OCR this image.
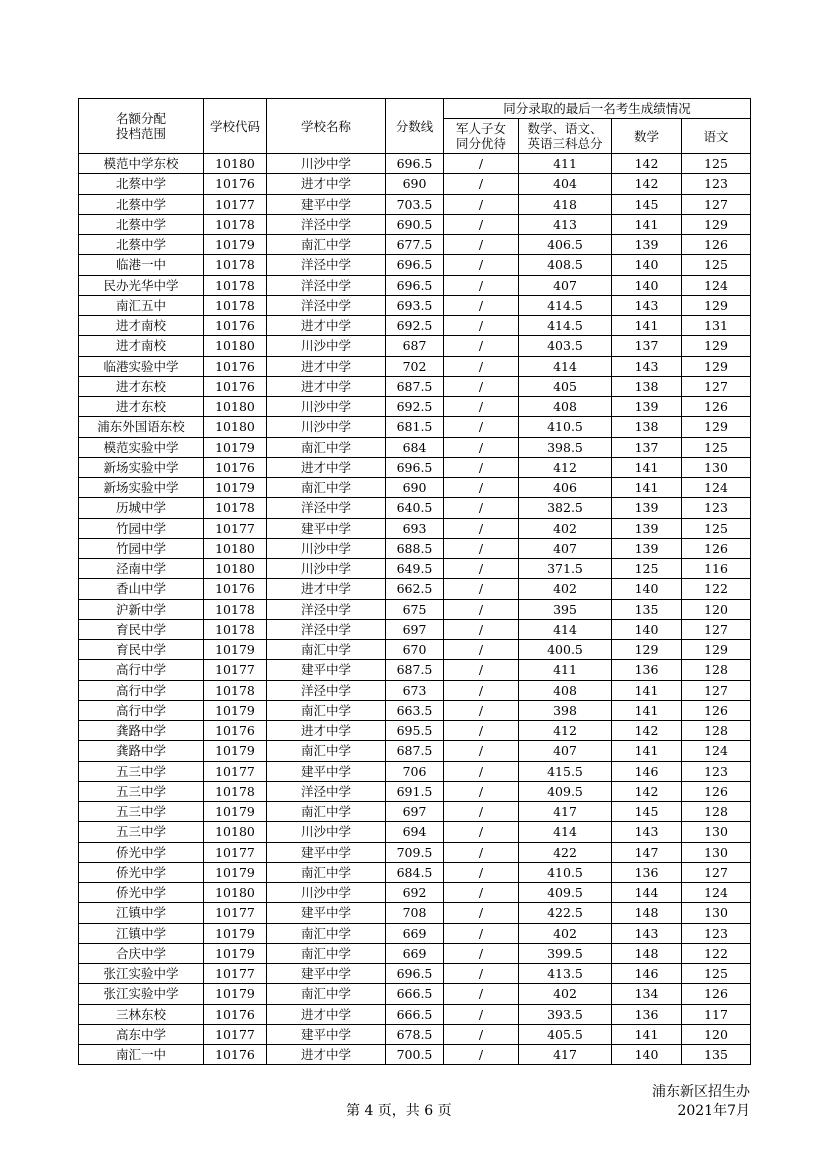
名额分配投档范围	学校代码	学校名称	分数线	同分录取的最后一名考生成绩情况			

				军人子女同分优待	数学、语文、英语三科总分	数学	语文
模范中学东校	10180	川沙中学	696.5	/	411	142	125
北蔡中学	10176	进才中学	690	/	404	142	123
北蔡中学	10177	建平中学	703.5	/	418	145	127
北蔡中学	10178	洋泾中学	690.5	/	413	141	129
北蔡中学	10179	南汇中学	677.5	/	406.5	139	126
临港一中	10178	洋泾中学	696.5	/	408.5	140	125
民办光华中学	10178	洋泾中学	696.5	/	407	140	124
南汇五中	10178	洋泾中学	693.5	/	414.5	143	129
进才南校	10176	进才中学	692.5	/	414.5	141	131
进才南校	10180	川沙中学	687	/	403.5	137	129
临港实验中学	10176	进才中学	702	/	414	143	129
进才东校	10176	进才中学	687.5	/	405	138	127
进才东校	10180	川沙中学	692.5	/	408	139	126
浦东外国语东校	10180	川沙中学	681.5	/	410.5	138	129
模范实验中学	10179	南汇中学	684	/	398.5	137	125
新场实验中学	10176	进才中学	696.5	/	412	141	130
新场实验中学	10179	南汇中学	690	/	406	141	124
历城中学	10178	洋泾中学	640.5	/	382.5	139	123
竹园中学	10177	建平中学	693	/	402	139	125
竹园中学	10180	川沙中学	688.5	/	407	139	126
泾南中学	10180	川沙中学	649.5	/	371.5	125	116
香山中学	10176	进才中学	662.5	/	402	140	122
沪新中学	10178	洋泾中学	675	/	395	135	120
育民中学	10178	洋泾中学	697	/	414	140	127
育民中学	10179	南汇中学	670	/	400.5	129	129
高行中学	10177	建平中学	687.5	/	411	136	128
高行中学	10178	洋泾中学	673	/	408	141	127
高行中学	10179	南汇中学	663.5	/	398	141	126
龚路中学	10176	进才中学	695.5	/	412	142	128
龚路中学	10179	南汇中学	687.5	/	407	141	124
五三中学	10177	建平中学	706	/	415.5	146	123
五三中学	10178	洋泾中学	691.5	/	409.5	142	126
五三中学	10179	南汇中学	697	/	417	145	128
五三中学	10180	川沙中学	694	/	414	143	130
侨光中学	10177	建平中学	709.5	/	422	147	130
侨光中学	10179	南汇中学	684.5	/	410.5	136	127
侨光中学	10180	川沙中学	692	/	409.5	144	124
江镇中学	10177	建平中学	708	/	422.5	148	130
江镇中学	10179	南汇中学	669	/	402	143	123
合庆中学	10179	南汇中学	669	/	399.5	148	122
张江实验中学	10177	建平中学	696.5	/	413.5	146	125
张江实验中学	10179	南汇中学	666.5	/	402	134	126
三林东校	10176	进才中学	666.5	/	393.5	136	117
高东中学	10177	建平中学	678.5	/	405.5	141	120
南汇一中	10176	进才中学	700.5	/	417	140	135
第 4 页，共 6 页
浦东新区招生办
2021年7月
